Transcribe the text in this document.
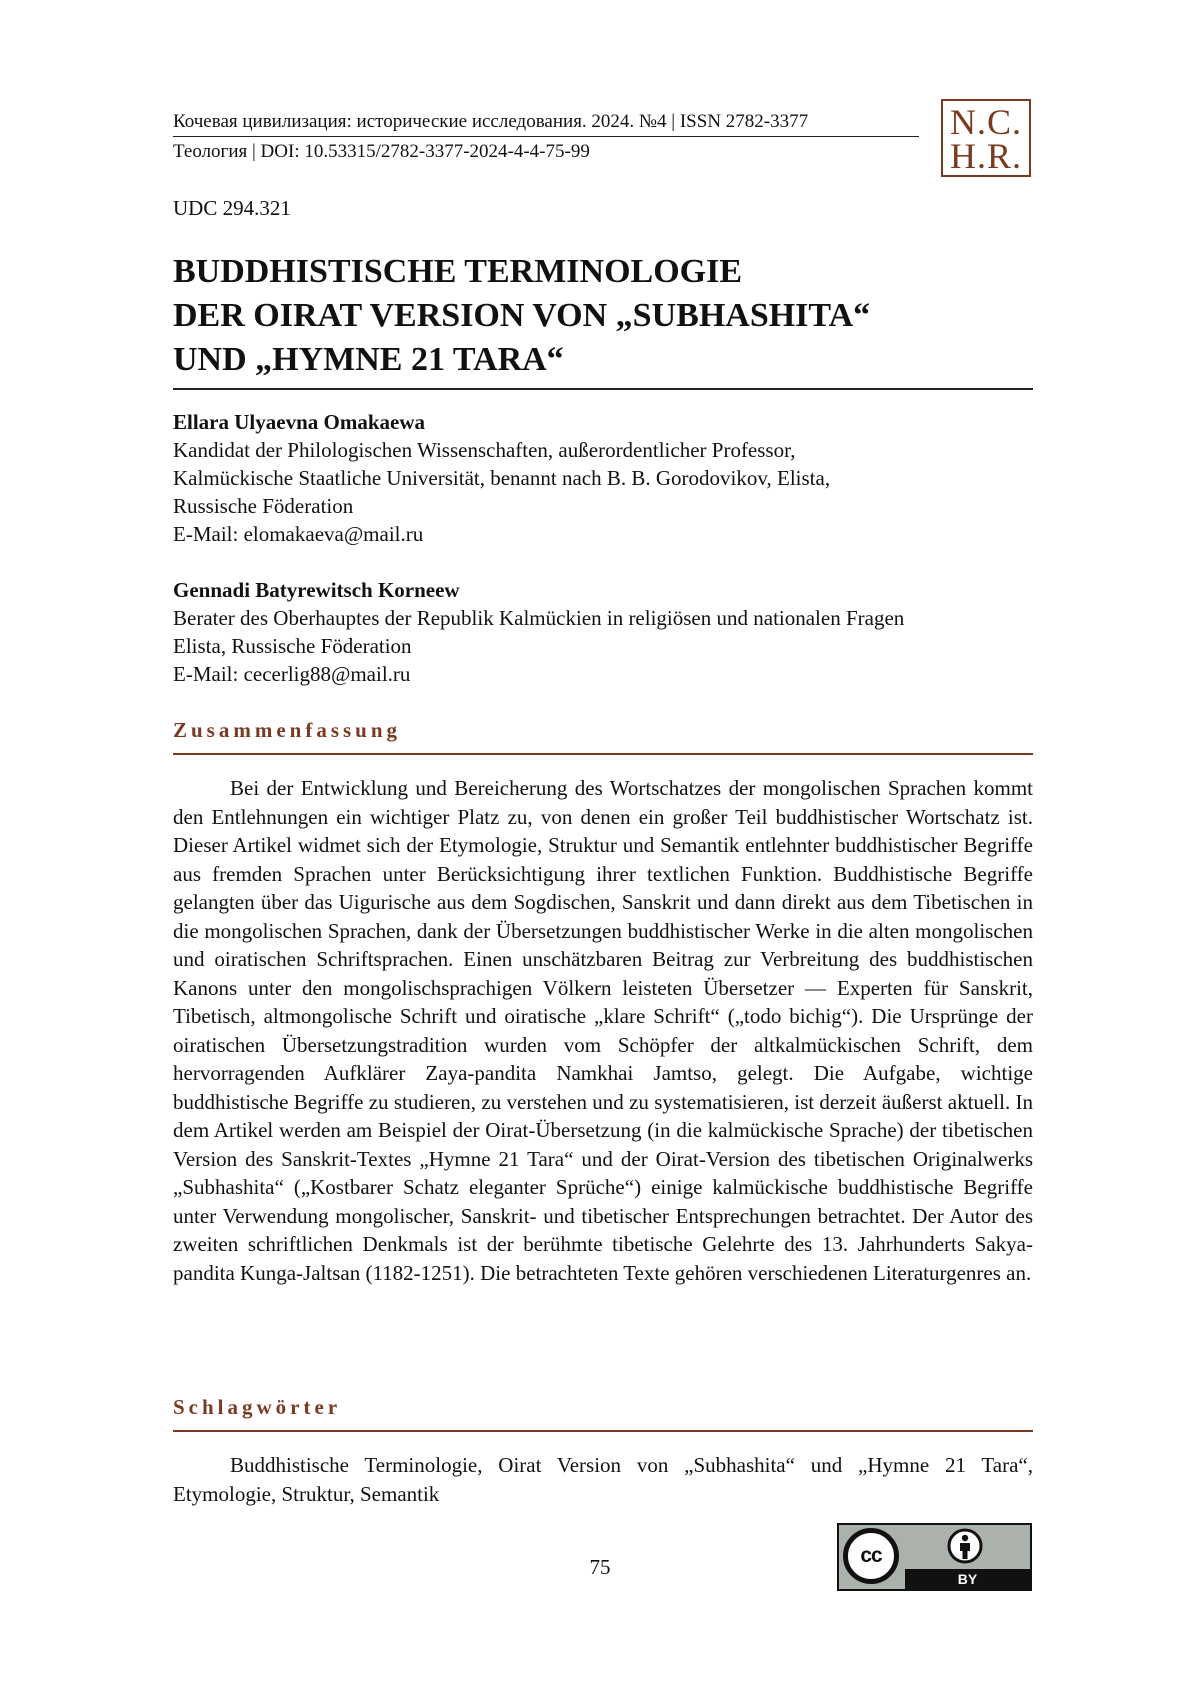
Кочевая цивилизация: исторические исследования. 2024. №4 | ISSN 2782-3377
Теология | DOI: 10.53315/2782-3377-2024-4-4-75-99
N.C.
H.R.
UDC 294.321
BUDDHISTISCHE TERMINOLOGIE
DER OIRAT VERSION VON „SUBHASHITA“
UND „HYMNE 21 TARA“
Ellara Ulyaevna Omakaewa
Kandidat der Philologischen Wissenschaften, außerordentlicher Professor,
Kalmückische Staatliche Universität, benannt nach B. B. Gorodovikov, Elista,
Russische Föderation
E-Mail: elomakaeva@mail.ru
Gennadi Batyrewitsch Korneew
Berater des Oberhauptes der Republik Kalmückien in religiösen und nationalen Fragen
Elista, Russische Föderation
E-Mail: cecerlig88@mail.ru
Zusammenfassung

Bei der Entwicklung und Bereicherung des Wortschatzes der mongolischen Sprachen kommt den Entlehnungen ein wichtiger Platz zu, von denen ein großer Teil buddhistischer Wortschatz ist. Dieser Artikel widmet sich der Etymologie, Struktur und Semantik entlehnter buddhistischer Begriffe aus fremden Sprachen unter Berücksichtigung ihrer textlichen Funktion. Buddhistische Begriffe gelangten über das Uigurische aus dem Sogdischen, Sanskrit und dann direkt aus dem Tibetischen in die mongolischen Sprachen, dank der Übersetzungen buddhistischer Werke in die alten mongolischen und oiratischen Schriftsprachen. Einen unschätzbaren Beitrag zur Verbreitung des buddhistischen Kanons unter den mongolischsprachigen Völkern leisteten Übersetzer — Experten für Sanskrit, Tibetisch, altmongolische Schrift und oiratische „klare Schrift“ („todo bichig“). Die Ursprünge der oiratischen Übersetzungstradition wurden vom Schöpfer der altkalmückischen Schrift, dem hervorragenden Aufklärer Zaya-pandita Namkhai Jamtso, gelegt. Die Aufgabe, wichtige buddhistische Begriffe zu studieren, zu verstehen und zu systematisieren, ist derzeit äußerst aktuell. In dem Artikel werden am Beispiel der Oirat-Übersetzung (in die kalmückische Sprache) der tibetischen Version des Sanskrit-Textes „Hymne 21 Tara“ und der Oirat-Version des tibetischen Originalwerks „Subhashita“ („Kostbarer Schatz eleganter Sprüche“) einige kalmückische buddhistische Begriffe unter Verwendung mongolischer, Sanskrit- und tibetischer Entsprechungen betrachtet. Der Autor des zweiten schriftlichen Denkmals ist der berühmte tibetische Gelehrte des 13. Jahrhunderts Sakya-pandita Kunga-Jaltsan (1182-1251). Die betrachteten Texte gehören verschiedenen Literaturgenres an.

Schlagwörter

Buddhistische Terminologie, Oirat Version von „Subhashita“ und „Hymne 21 Tara“, Etymologie, Struktur, Semantik

75	cc
BY
